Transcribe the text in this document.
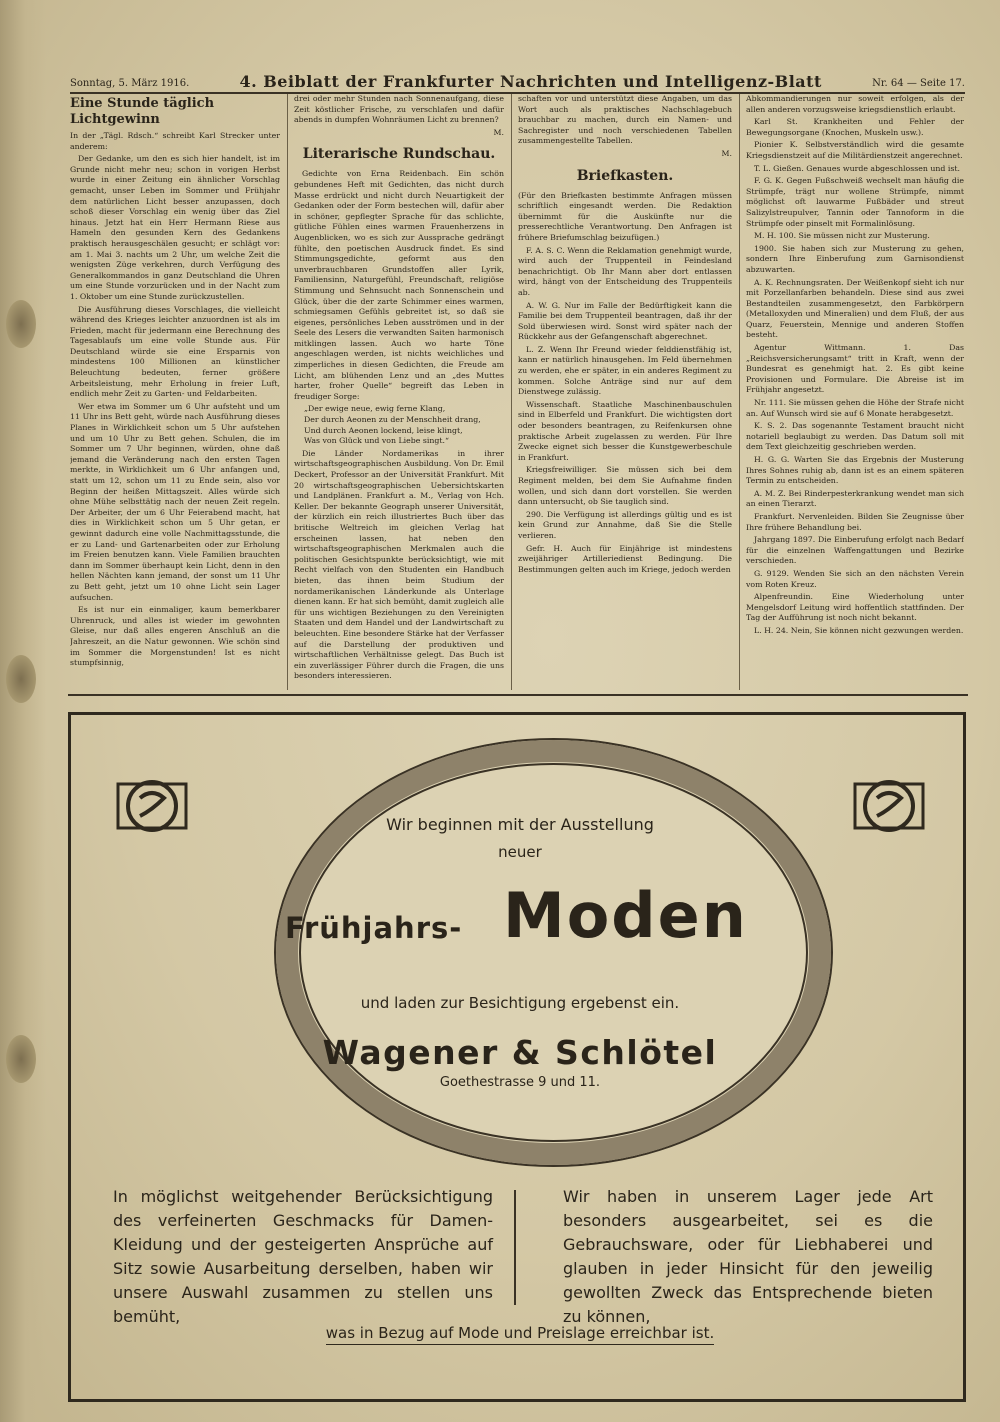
Sonntag, 5. März 1916.	4. Beiblatt der Frankfurter Nachrichten und Intelligenz-Blatt	Nr. 64 — Seite 17.
Eine Stunde täglich Lichtgewinn

In der „Tägl. Rdsch.“ schreibt Karl Strecker unter anderem:

Der Gedanke, um den es sich hier handelt, ist im Grunde nicht mehr neu; schon in vorigen Herbst wurde in einer Zeitung ein ähnlicher Vorschlag gemacht, unser Leben im Sommer und Frühjahr dem natürlichen Licht besser anzupassen, doch schoß dieser Vorschlag ein wenig über das Ziel hinaus. Jetzt hat ein Herr Hermann Riese aus Hameln den gesunden Kern des Gedankens praktisch herausgeschälen gesucht; er schlägt vor: am 1. Mai 3. nachts um 2 Uhr, um welche Zeit die wenigsten Züge verkehren, durch Verfügung des Generalkommandos in ganz Deutschland die Uhren um eine Stunde vorzurücken und in der Nacht zum 1. Oktober um eine Stunde zurückzustellen.

Die Ausführung dieses Vorschlages, die vielleicht während des Krieges leichter anzuordnen ist als im Frieden, macht für jedermann eine Berechnung des Tagesablaufs um eine volle Stunde aus. Für Deutschland würde sie eine Ersparnis von mindestens 100 Millionen an künstlicher Beleuchtung bedeuten, ferner größere Arbeitsleistung, mehr Erholung in freier Luft, endlich mehr Zeit zu Garten- und Feldarbeiten.

Wer etwa im Sommer um 6 Uhr aufsteht und um 11 Uhr ins Bett geht, würde nach Ausführung dieses Planes in Wirklichkeit schon um 5 Uhr aufstehen und um 10 Uhr zu Bett gehen. Schulen, die im Sommer um 7 Uhr beginnen, würden, ohne daß jemand die Veränderung nach den ersten Tagen merkte, in Wirklichkeit um 6 Uhr anfangen und, statt um 12, schon um 11 zu Ende sein, also vor Beginn der heißen Mittagszeit. Alles würde sich ohne Mühe selbsttätig nach der neuen Zeit regeln. Der Arbeiter, der um 6 Uhr Feierabend macht, hat dies in Wirklichkeit schon um 5 Uhr getan, er gewinnt dadurch eine volle Nachmittagsstunde, die er zu Land- und Gartenarbeiten oder zur Erholung im Freien benutzen kann. Viele Familien brauchten dann im Sommer überhaupt kein Licht, denn in den hellen Nächten kann jemand, der sonst um 11 Uhr zu Bett geht, jetzt um 10 ohne Licht sein Lager aufsuchen.

Es ist nur ein einmaliger, kaum bemerkbarer Uhrenruck, und alles ist wieder im gewohnten Gleise, nur daß alles engeren Anschluß an die Jahreszeit, an die Natur gewonnen. Wie schön sind im Sommer die Morgenstunden! Ist es nicht stumpfsinnig,

drei oder mehr Stunden nach Sonnenaufgang, diese Zeit köstlicher Frische, zu verschlafen und dafür abends in dumpfen Wohnräumen Licht zu brennen?

M.

Literarische Rundschau.

Gedichte von Erna Reidenbach. Ein schön gebundenes Heft mit Gedichten, das nicht durch Masse erdrückt und nicht durch Neuartigkeit der Gedanken oder der Form bestechen will, dafür aber in schöner, gepflegter Sprache für das schlichte, gütliche Fühlen eines warmen Frauenherzens in Augenblicken, wo es sich zur Aussprache gedrängt fühlte, den poetischen Ausdruck findet. Es sind Stimmungsgedichte, geformt aus den unverbrauchbaren Grundstoffen aller Lyrik, Familiensinn, Naturgefühl, Freundschaft, religiöse Stimmung und Sehnsucht nach Sonnenschein und Glück, über die der zarte Schimmer eines warmen, schmiegsamen Gefühls gebreitet ist, so daß sie eigenes, persönliches Leben ausströmen und in der Seele des Lesers die verwandten Saiten harmonisch mitklingen lassen. Auch wo harte Töne angeschlagen werden, ist nichts weichliches und zimperliches in diesen Gedichten, die Freude am Licht, am blühenden Lenz und an „des Muttes harter, froher Quelle“ begreift das Leben in freudiger Sorge:

„Der ewige neue, ewig ferne Klang,
Der durch Aeonen zu der Menschheit drang,
Und durch Aeonen lockend, leise klingt,
Was von Glück und von Liebe singt.“

Die Länder Nordamerikas in ihrer wirtschaftsgeographischen Ausbildung. Von Dr. Emil Deckert, Professor an der Universität Frankfurt. Mit 20 wirtschaftsgeographischen Uebersichtskarten und Landplänen. Frankfurt a. M., Verlag von Hch. Keller. Der bekannte Geograph unserer Universität, der kürzlich ein reich illustriertes Buch über das britische Weltreich im gleichen Verlag hat erscheinen lassen, hat neben den wirtschaftsgeographischen Merkmalen auch die politischen Gesichtspunkte berücksichtigt, wie mit Recht vielfach von den Studenten ein Handbuch bieten, das ihnen beim Studium der nordamerikanischen Länderkunde als Unterlage dienen kann. Er hat sich bemüht, damit zugleich alle für uns wichtigen Beziehungen zu den Vereinigten Staaten und dem Handel und der Landwirtschaft zu beleuchten. Eine besondere Stärke hat der Verfasser auf die Darstellung der produktiven und wirtschaftlichen Verhältnisse gelegt. Das Buch ist ein zuverlässiger Führer durch die Fragen, die uns besonders interessieren.

schaften vor und unterstützt diese Angaben, um das Wort auch als praktisches Nachschlagebuch brauchbar zu machen, durch ein Namen- und Sachregister und noch verschiedenen Tabellen zusammengestellte Tabellen.

M.

Briefkasten.

(Für den Briefkasten bestimmte Anfragen müssen schriftlich eingesandt werden. Die Redaktion übernimmt für die Auskünfte nur die presserechtliche Verantwortung. Den Anfragen ist frühere Briefumschlag beizufügen.)

F. A. S. C. Wenn die Reklamation genehmigt wurde, wird auch der Truppenteil in Feindesland benachrichtigt. Ob Ihr Mann aber dort entlassen wird, hängt von der Entscheidung des Truppenteils ab.

A. W. G. Nur im Falle der Bedürftigkeit kann die Familie bei dem Truppenteil beantragen, daß ihr der Sold überwiesen wird. Sonst wird später nach der Rückkehr aus der Gefangenschaft abgerechnet.

L. Z. Wenn Ihr Freund wieder felddienstfähig ist, kann er natürlich hinausgehen. Im Feld übernehmen zu werden, ehe er später, in ein anderes Regiment zu kommen. Solche Anträge sind nur auf dem Dienstwege zulässig.

Wissenschaft. Staatliche Maschinenbauschulen sind in Elberfeld und Frankfurt. Die wichtigsten dort oder besonders beantragen, zu Reifenkursen ohne praktische Arbeit zugelassen zu werden. Für Ihre Zwecke eignet sich besser die Kunstgewerbeschule in Frankfurt.

Kriegsfreiwilliger. Sie müssen sich bei dem Regiment melden, bei dem Sie Aufnahme finden wollen, und sich dann dort vorstellen. Sie werden dann untersucht, ob Sie tauglich sind.

290. Die Verfügung ist allerdings gültig und es ist kein Grund zur Annahme, daß Sie die Stelle verlieren.

Gefr. H. Auch für Einjährige ist mindestens zweijähriger Artilleriedienst Bedingung. Die Bestimmungen gelten auch im Kriege, jedoch werden

Abkommandierungen nur soweit erfolgen, als der allen anderen vorzugsweise kriegsdienstlich erlaubt.

Karl St. Krankheiten und Fehler der Bewegungsorgane (Knochen, Muskeln usw.).

Pionier K. Selbstverständlich wird die gesamte Kriegsdienstzeit auf die Militärdienstzeit angerechnet.

T. L. Gießen. Genaues wurde abgeschlossen und ist.

F. G. K. Gegen Fußschweiß wechselt man häufig die Strümpfe, trägt nur wollene Strümpfe, nimmt möglichst oft lauwarme Fußbäder und streut Salizylstreupulver, Tannin oder Tannoform in die Strümpfe oder pinselt mit Formalinlösung.

M. H. 100. Sie müssen nicht zur Musterung.

1900. Sie haben sich zur Musterung zu gehen, sondern Ihre Einberufung zum Garnisondienst abzuwarten.

A. K. Rechnungsraten. Der Weißenkopf sieht ich nur mit Porzellanfarben behandeln. Diese sind aus zwei Bestandteilen zusammengesetzt, den Farbkörpern (Metalloxyden und Mineralien) und dem Fluß, der aus Quarz, Feuerstein, Mennige und anderen Stoffen besteht.

Agentur Wittmann. 1. Das „Reichsversicherungsamt“ tritt in Kraft, wenn der Bundesrat es genehmigt hat. 2. Es gibt keine Provisionen und Formulare. Die Abreise ist im Frühjahr angesetzt.

Nr. 111. Sie müssen gehen die Höhe der Strafe nicht an. Auf Wunsch wird sie auf 6 Monate herabgesetzt.

K. S. 2. Das sogenannte Testament braucht nicht notariell beglaubigt zu werden. Das Datum soll mit dem Text gleichzeitig geschrieben werden.

H. G. G. Warten Sie das Ergebnis der Musterung Ihres Sohnes ruhig ab, dann ist es an einem späteren Termin zu entscheiden.

A. M. Z. Bei Rinderpesterkrankung wendet man sich an einen Tierarzt.

Frankfurt. Nervenleiden. Bilden Sie Zeugnisse über Ihre frühere Behandlung bei.

Jahrgang 1897. Die Einberufung erfolgt nach Bedarf für die einzelnen Waffengattungen und Bezirke verschieden.

G. 9129. Wenden Sie sich an den nächsten Verein vom Roten Kreuz.

Alpenfreundin. Eine Wiederholung unter Mengelsdorf Leitung wird hoffentlich stattfinden. Der Tag der Aufführung ist noch nicht bekannt.

L. H. 24. Nein, Sie können nicht gezwungen werden.

Wir beginnen mit der Ausstellung
neuer
Frühjahrs- Moden
und laden zur Besichtigung ergebenst ein.
Wagener & Schlötel
Goethestrasse 9 und 11.
In möglichst weitgehender Berücksichtigung des verfeinerten Geschmacks für Damen-Kleidung und der gesteigerten Ansprüche auf Sitz sowie Ausarbeitung derselben, haben wir unsere Auswahl zusammen zu stellen uns bemüht,
Wir haben in unserem Lager jede Art besonders ausgearbeitet, sei es die Gebrauchsware, oder für Liebhaberei und glauben in jeder Hinsicht für den jeweilig gewollten Zweck das Entsprechende bieten zu können,
was in Bezug auf Mode und Preislage erreichbar ist.
